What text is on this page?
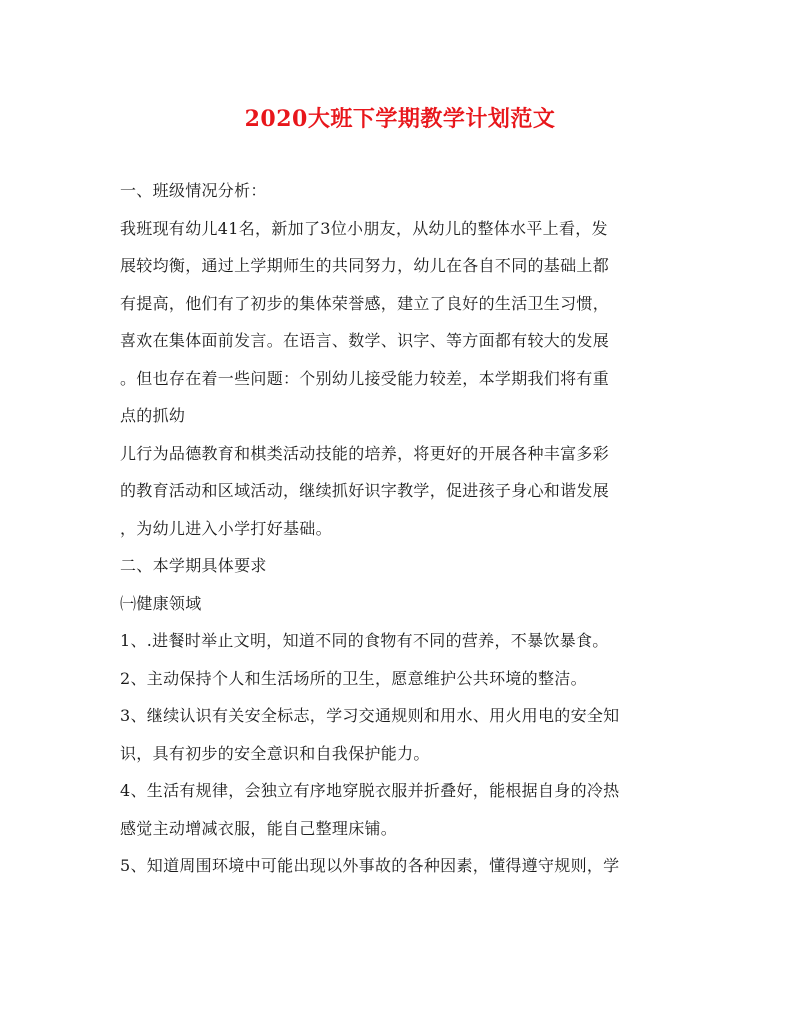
2020大班下学期教学计划范文
一、班级情况分析：
我班现有幼儿41名，新加了3位小朋友，从幼儿的整体水平上看，发
展较均衡，通过上学期师生的共同努力，幼儿在各自不同的基础上都
有提高，他们有了初步的集体荣誉感，建立了良好的生活卫生习惯，
喜欢在集体面前发言。在语言、数学、识字、等方面都有较大的发展
。但也存在着一些问题：个别幼儿接受能力较差，本学期我们将有重
点的抓幼
儿行为品德教育和棋类活动技能的培养，将更好的开展各种丰富多彩
的教育活动和区域活动，继续抓好识字教学，促进孩子身心和谐发展
，为幼儿进入小学打好基础。
二、本学期具体要求
㈠健康领域
1、.进餐时举止文明，知道不同的食物有不同的营养，不暴饮暴食。
2、主动保持个人和生活场所的卫生，愿意维护公共环境的整洁。
3、继续认识有关安全标志，学习交通规则和用水、用火用电的安全知
识，具有初步的安全意识和自我保护能力。
4、生活有规律，会独立有序地穿脱衣服并折叠好，能根据自身的冷热
感觉主动增减衣服，能自己整理床铺。
5、知道周围环境中可能出现以外事故的各种因素，懂得遵守规则，学
